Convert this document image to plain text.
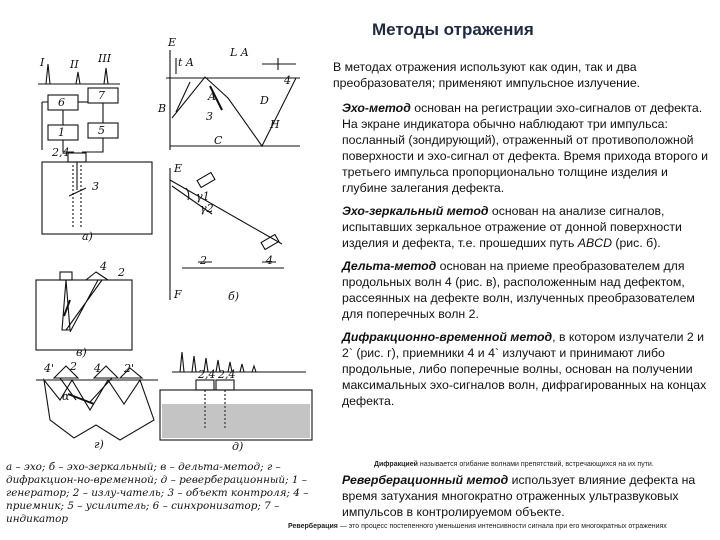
Методы отражения
В методах отражения используют как один, так и два преобразователя; применяют импульсное излучение.

Эхо-метод основан на регистрации эхо-сигналов от дефекта. На экране индикатора обычно наблюдают три импульса: посланный (зондирующий), отраженный от противоположной поверхности и эхо-сигнал от дефекта. Время прихода второго и третьего импульса пропорционально толщине изделия и глубине залегания дефекта.

Эхо-зеркальный метод основан на анализе сигналов, испытавших зеркальное отражение от донной поверхности изделия и дефекта, т.е. прошедших путь ABCD (рис. б).

Дельта-метод основан на приеме преобразователем для продольных волн 4 (рис. в), расположенным над дефектом, рассеянных на дефекте волн, излученных преобразователем для поперечных волн 2.

Дифракционно-временной метод, в котором излучатели 2 и 2` (рис. г), приемники 4 и 4` излучают и принимают либо продольные, либо поперечные волны, основан на получении максимальных эхо-сигналов волн, дифрагированных на концах дефекта.

Дифракцией называется огибание волнами препятствий, встречающихся на их пути.
Реверберационный метод использует влияние дефекта на время затухания многократно отраженных ультразвуковых импульсов в контролируемом объекте.
Реверберация — это процесс постепенного уменьшения интенсивности сигнала при его многократных отражениях
I II III
6
7
1	5
2,4
3
а)
E
L A
t A
4
B
A	D
C
H
3
E
γ1
γ2
2	4
F	б)
4 2
в)
4' 2 4 2'
α
г)
2,4 2,4
д)
а – эхо; б – эхо-зеркальный; в – дельта-метод; г – дифракцион-но-временной; д – реверберационный; 1 – генератор; 2 – излу-чатель; 3 – объект контроля; 4 – приемник; 5 – усилитель; 6 – синхронизатор; 7 – индикатор
